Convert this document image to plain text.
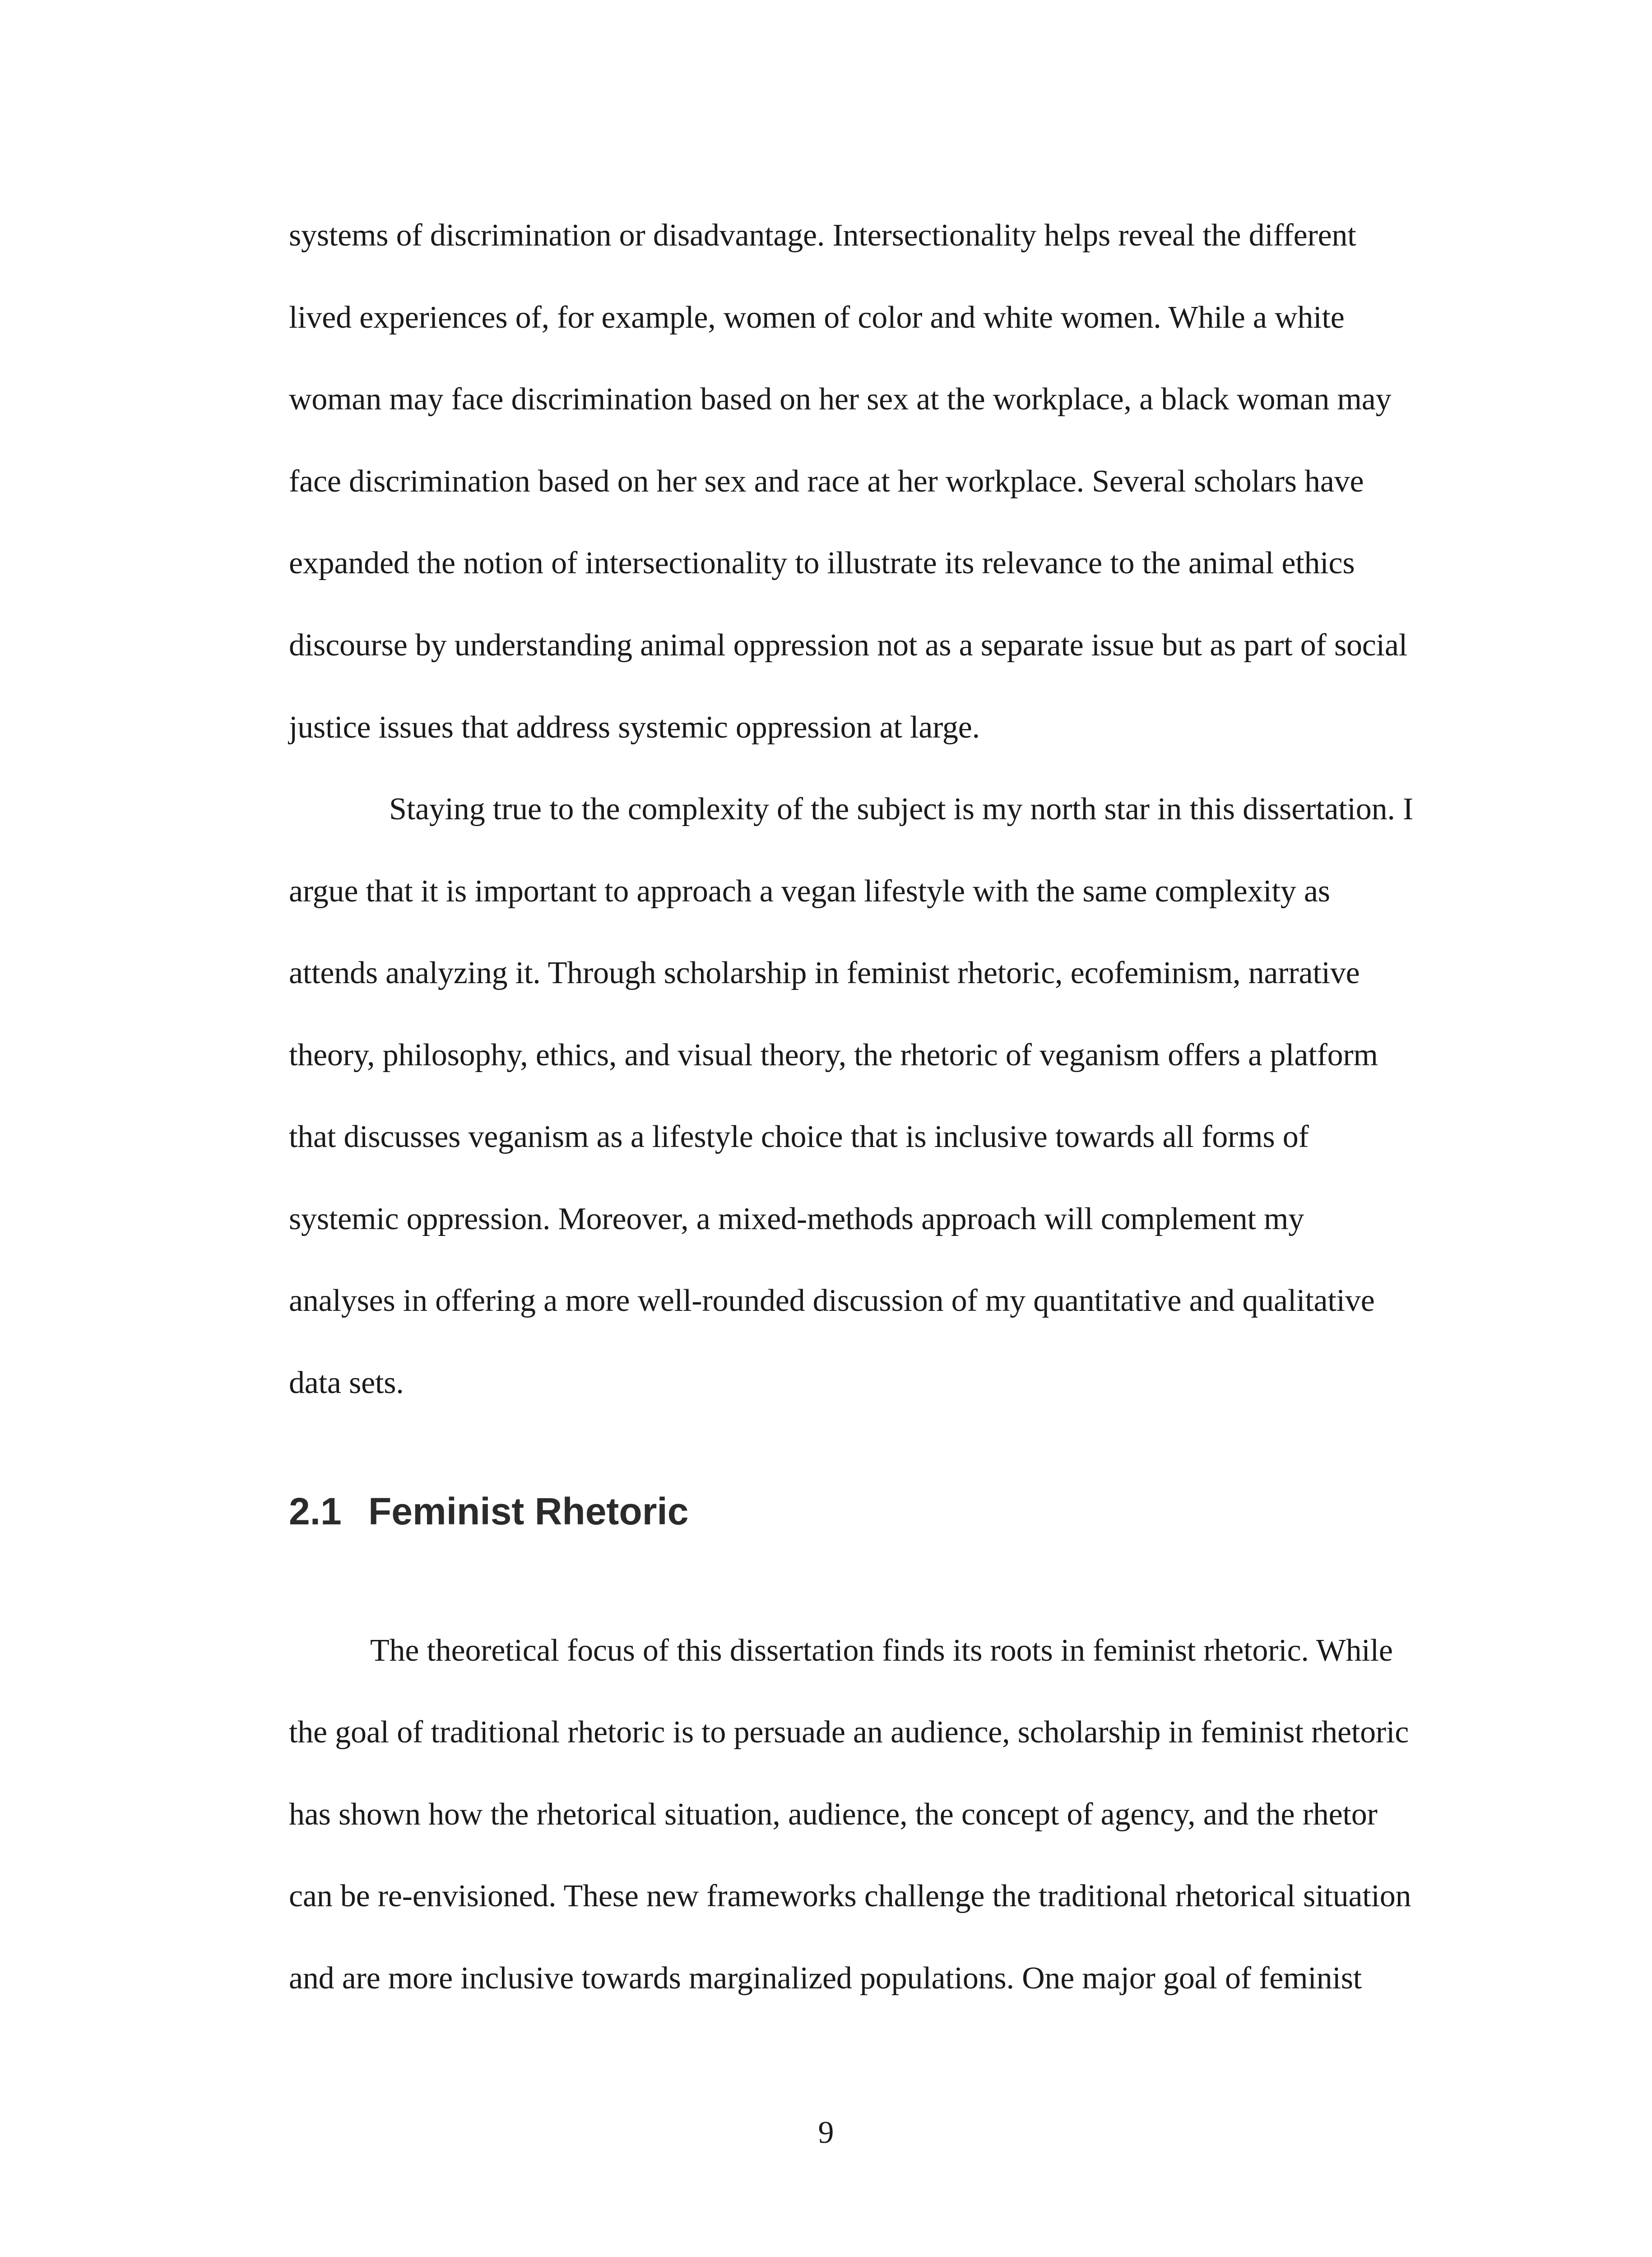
systems of discrimination or disadvantage. Intersectionality helps reveal the different
lived experiences of, for example, women of color and white women. While a white
woman may face discrimination based on her sex at the workplace, a black woman may
face discrimination based on her sex and race at her workplace. Several scholars have
expanded the notion of intersectionality to illustrate its relevance to the animal ethics
discourse by understanding animal oppression not as a separate issue but as part of social
justice issues that address systemic oppression at large.
Staying true to the complexity of the subject is my north star in this dissertation. I
argue that it is important to approach a vegan lifestyle with the same complexity as
attends analyzing it. Through scholarship in feminist rhetoric, ecofeminism, narrative
theory, philosophy, ethics, and visual theory, the rhetoric of veganism offers a platform
that discusses veganism as a lifestyle choice that is inclusive towards all forms of
systemic oppression. Moreover, a mixed-methods approach will complement my
analyses in offering a more well-rounded discussion of my quantitative and qualitative
data sets.
2.1 Feminist Rhetoric
The theoretical focus of this dissertation finds its roots in feminist rhetoric. While
the goal of traditional rhetoric is to persuade an audience, scholarship in feminist rhetoric
has shown how the rhetorical situation, audience, the concept of agency, and the rhetor
can be re-envisioned. These new frameworks challenge the traditional rhetorical situation
and are more inclusive towards marginalized populations. One major goal of feminist
9
